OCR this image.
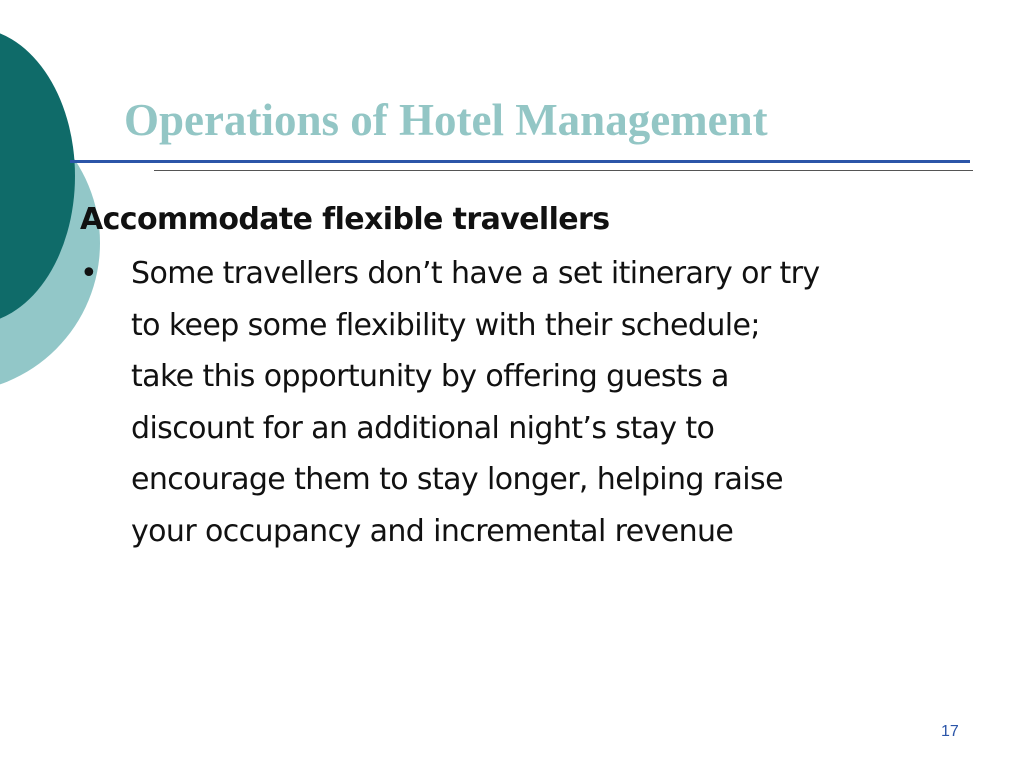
Operations of Hotel Management

Accommodate flexible travellers

• Some travellers don’t have a set itinerary or try
to keep some flexibility with their schedule;
take this opportunity by offering guests a
discount for an additional night’s stay to
encourage them to stay longer, helping raise
your occupancy and incremental revenue
17
